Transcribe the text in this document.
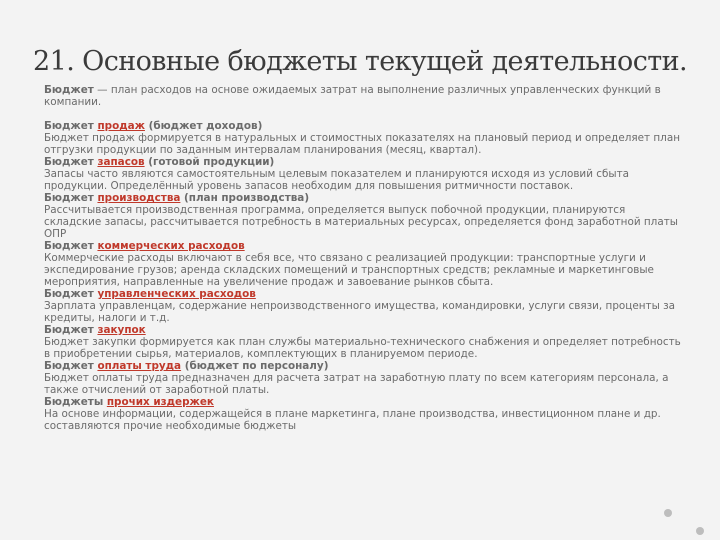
21. Основные бюджеты текущей деятельности.

Бюджет — план расходов на основе ожидаемых затрат на выполнение различных управленческих функций в компании.

Бюджет продаж (бюджет доходов)

Бюджет продаж формируется в натуральных и стоимостных показателях на плановый период и определяет план отгрузки продукции по заданным интервалам планирования (месяц, квартал).

Бюджет запасов (готовой продукции)

Запасы часто являются самостоятельным целевым показателем и планируются исходя из условий сбыта продукции. Определённый уровень запасов необходим для повышения ритмичности поставок.

Бюджет производства (план производства)

Рассчитывается производственная программа, определяется выпуск побочной продукции, планируются складские запасы, рассчитывается потребность в материальных ресурсах, определяется фонд заработной платы ОПР

Бюджет коммерческих расходов

Коммерческие расходы включают в себя все, что связано с реализацией продукции: транспортные услуги и экспедирование грузов; аренда складских помещений и транспортных средств; рекламные и маркетинговые мероприятия, направленные на увеличение продаж и завоевание рынков сбыта.

Бюджет управленческих расходов

Зарплата управленцам, содержание непроизводственного имущества, командировки, услуги связи, проценты за кредиты, налоги и т.д.

Бюджет закупок

Бюджет закупки формируется как план службы материально-технического снабжения и определяет потребность в приобретении сырья, материалов, комплектующих в планируемом периоде.

Бюджет оплаты труда (бюджет по персоналу)

Бюджет оплаты труда предназначен для расчета затрат на заработную плату по всем категориям персонала, а также отчислений от заработной платы.

Бюджеты прочих издержек

На основе информации, содержащейся в плане маркетинга, плане производства, инвестиционном плане и др. составляются прочие необходимые бюджеты
